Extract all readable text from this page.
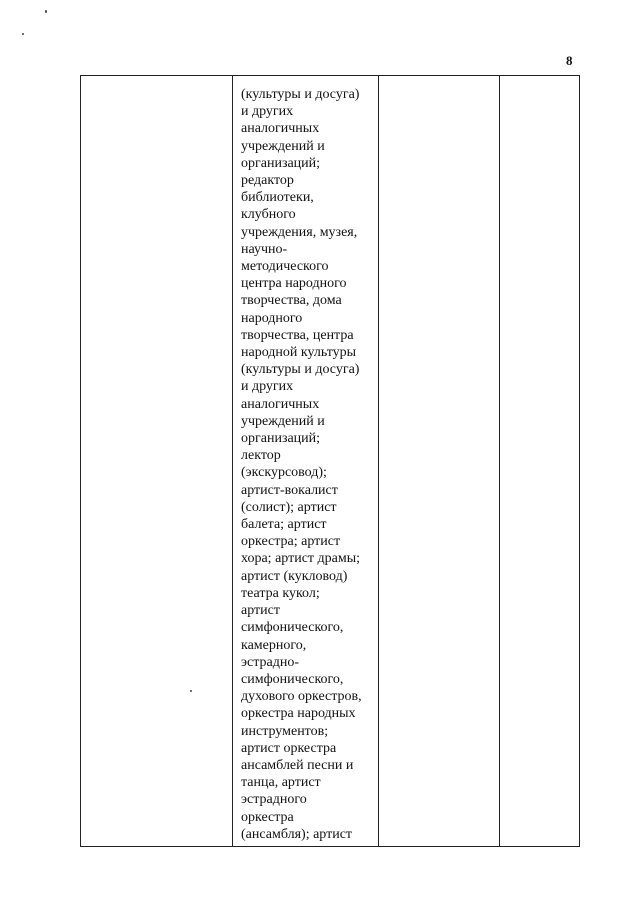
8

(культуры и досуга)
и других
аналогичных
учреждений и
организаций;
редактор
библиотеки,
клубного
учреждения, музея,
научно-
методического
центра народного
творчества, дома
народного
творчества, центра
народной культуры
(культуры и досуга)
и других
аналогичных
учреждений и
организаций;
лектор
(экскурсовод);
артист-вокалист
(солист); артист
балета; артист
оркестра; артист
хора; артист драмы;
артист (кукловод)
театра кукол;
артист
симфонического,
камерного,
эстрадно-
симфонического,
духового оркестров,
оркестра народных
инструментов;
артист оркестра
ансамблей песни и
танца, артист
эстрадного
оркестра
(ансамбля); артист
